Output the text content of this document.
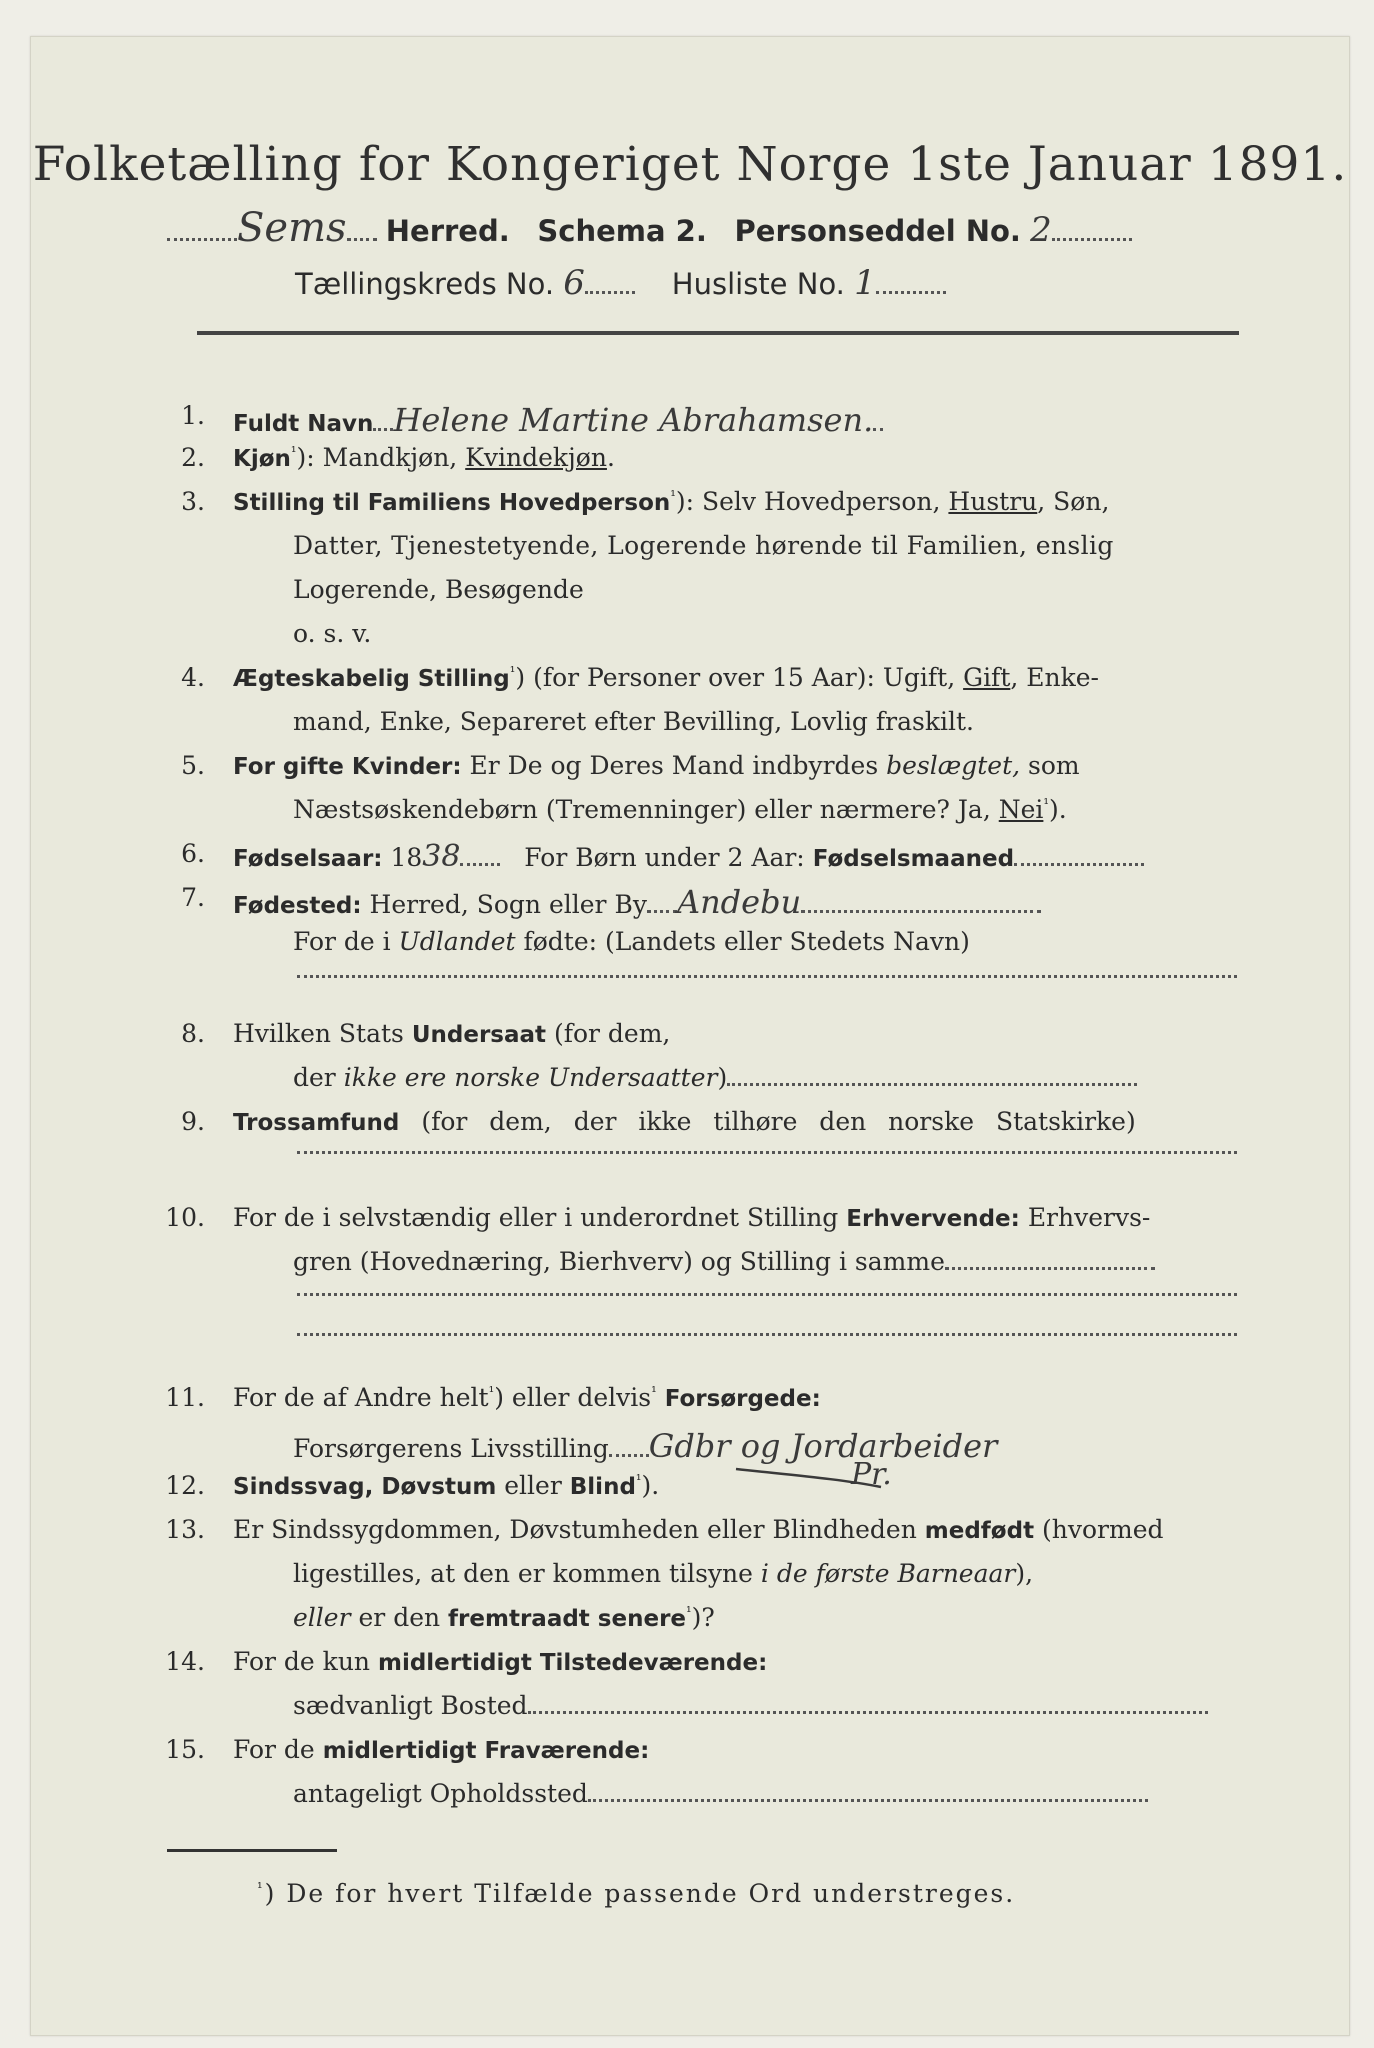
Folketælling for Kongeriget Norge 1ste Januar 1891.
Sems Herred. Schema 2. Personseddel No. 2
Tællingskreds No. 6	Husliste No. 1
1. Fuldt Navn Helene Martine Abrahamsen.
2. Kjøn$^{^1}$): Mandkjøn, Kvindekjøn.
3. Stilling til Familiens Hovedperson$^{^1}$): Selv Hovedperson, Hustru, Søn,
Datter, Tjenestetyende, Logerende hørende til Familien, enslig
Logerende, Besøgende
o. s. v.
4. Ægteskabelig Stilling$^{^1}$) (for Personer over 15 Aar): Ugift, Gift, Enke-
mand, Enke, Separeret efter Bevilling, Lovlig fraskilt.
5. For gifte Kvinder: Er De og Deres Mand indbyrdes beslægtet, som
Næstsøskendebørn (Tremenninger) eller nærmere? Ja, Nei$^{^1}$).
6. Fødselsaar: 1838	For Børn under 2 Aar: Fødselsmaaned
7. Fødested: Herred, Sogn eller By Andebu
For de i Udlandet fødte: (Landets eller Stedets Navn)
8. Hvilken Stats Undersaat (for dem,
der ikke ere norske Undersaatter)
9. Trossamfund (for dem, der ikke tilhøre den norske Statskirke)
10. For de i selvstændig eller i underordnet Stilling Erhvervende: Erhvervs-
gren (Hovednæring, Bierhverv) og Stilling i samme
11. For de af Andre helt$^{^1}$) eller delvis$^{^1}$ Forsørgede:
Forsørgerens Livsstilling Gdbr og Jordarbeider
12. Sindssvag, Døvstum eller Blind$^{^1}$).	Pr.
13. Er Sindssygdommen, Døvstumheden eller Blindheden medfødt (hvormed
ligestilles, at den er kommen tilsyne i de første Barneaar),
eller er den fremtraadt senere$^{^1}$)?
14. For de kun midlertidigt Tilstedeværende:
sædvanligt Bosted
15. For de midlertidigt Fraværende:
antageligt Opholdssted
$^{^1}$) De for hvert Tilfælde passende Ord understreges.
